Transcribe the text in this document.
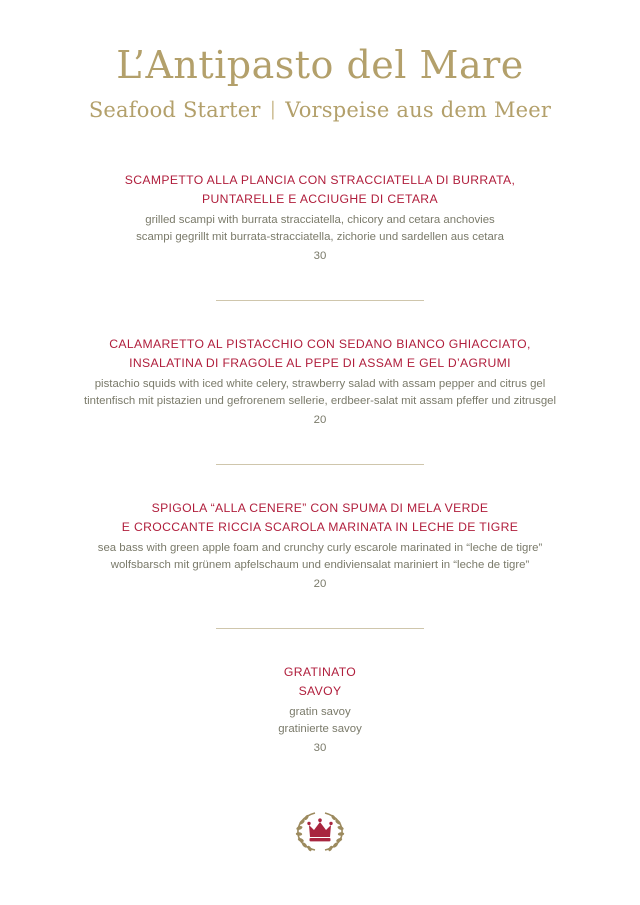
L’Antipasto del Mare
Seafood Starter | Vorspeise aus dem Meer

SCAMPETTO ALLA PLANCIA CON STRACCIATELLA DI BURRATA,
PUNTARELLE E ACCIUGHE DI CETARA

grilled scampi with burrata stracciatella, chicory and cetara anchovies

scampi gegrillt mit burrata-stracciatella, zichorie und sardellen aus cetara

30

CALAMARETTO AL PISTACCHIO CON SEDANO BIANCO GHIACCIATO,
INSALATINA DI FRAGOLE AL PEPE DI ASSAM E GEL D’AGRUMI

pistachio squids with iced white celery, strawberry salad with assam pepper and citrus gel

tintenfisch mit pistazien und gefrorenem sellerie, erdbeer-salat mit assam pfeffer und zitrusgel

20

SPIGOLA “ALLA CENERE” CON SPUMA DI MELA VERDE
E CROCCANTE RICCIA SCAROLA MARINATA IN LECHE DE TIGRE

sea bass with green apple foam and crunchy curly escarole marinated in “leche de tigre”

wolfsbarsch mit grünem apfelschaum und endiviensalat mariniert in “leche de tigre”

20

GRATINATO
SAVOY

gratin savoy

gratinierte savoy

30
